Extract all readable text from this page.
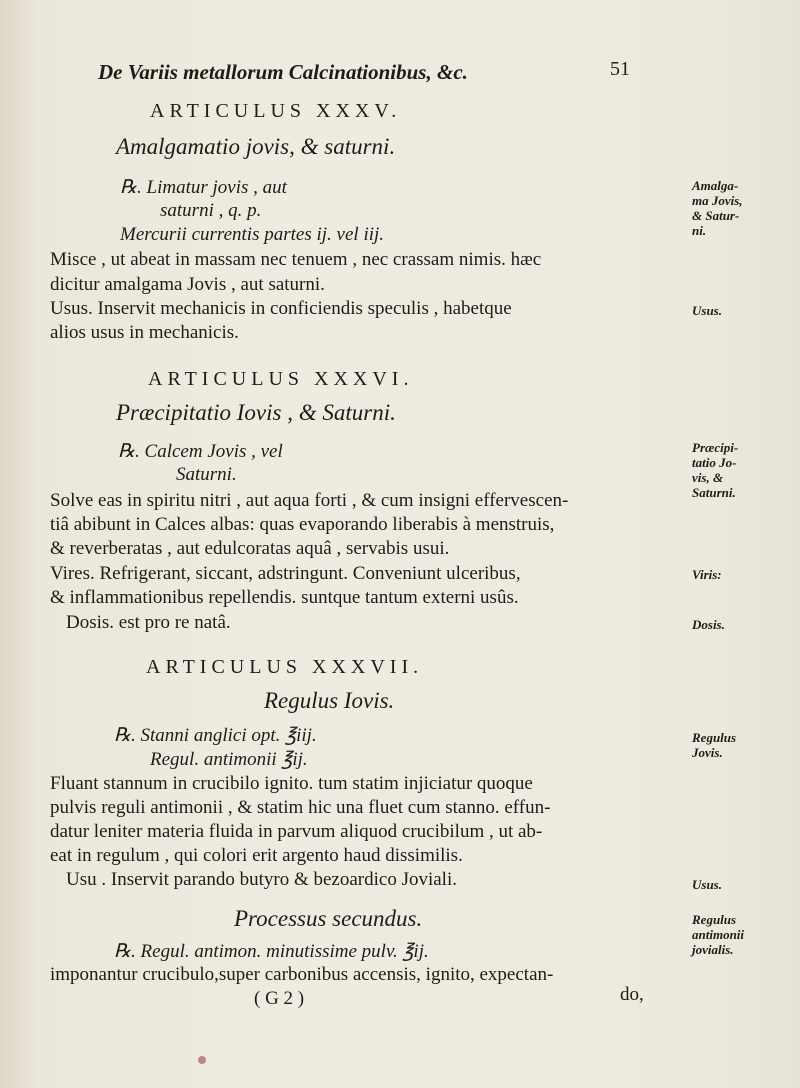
De Variis metallorum Calcinationibus, &c.	51
ARTICULUS XXXV.
Amalgamatio jovis, & saturni.
℞. Limatur jovis , aut
saturni , q. p.
Mercurii currentis partes ij. vel iij.
Misce , ut abeat in massam nec tenuem , nec crassam nimis. hæc
dicitur amalgama Jovis , aut saturni.
Usus. Inservit mechanicis in conficiendis speculis , habetque
alios usus in mechanicis.
Amalga-
ma Jovis,
& Satur-
ni.
Usus.
ARTICULUS XXXVI.
Præcipitatio Iovis , & Saturni.
℞. Calcem Jovis , vel
Saturni.
Solve eas in spiritu nitri , aut aqua forti , & cum insigni effervescen-
tiâ abibunt in Calces albas: quas evaporando liberabis à menstruis,
& reverberatas , aut edulcoratas aquâ , servabis usui.
Vires. Refrigerant, siccant, adstringunt. Conveniunt ulceribus,
& inflammationibus repellendis. suntque tantum externi usûs.
Dosis. est pro re natâ.
Præcipi-
tatio Jo-
vis, &
Saturni.
Viris:
Dosis.
ARTICULUS XXXVII.
Regulus Iovis.
℞. Stanni anglici opt. ℥iij.
Regul. antimonii ℥ij.
Fluant stannum in crucibilo ignito. tum statim injiciatur quoque
pulvis reguli antimonii , & statim hic una fluet cum stanno. effun-
datur leniter materia fluida in parvum aliquod crucibilum , ut ab-
eat in regulum , qui colori erit argento haud dissimilis.
Usu . Inservit parando butyro & bezoardico Joviali.
Regulus
Jovis.
Usus.
Processus secundus.
℞. Regul. antimon. minutissime pulv. ℥ij.
imponantur crucibulo,super carbonibus accensis, ignito, expectan-
Regulus
antimonii
jovialis.
( G 2 )	do,
